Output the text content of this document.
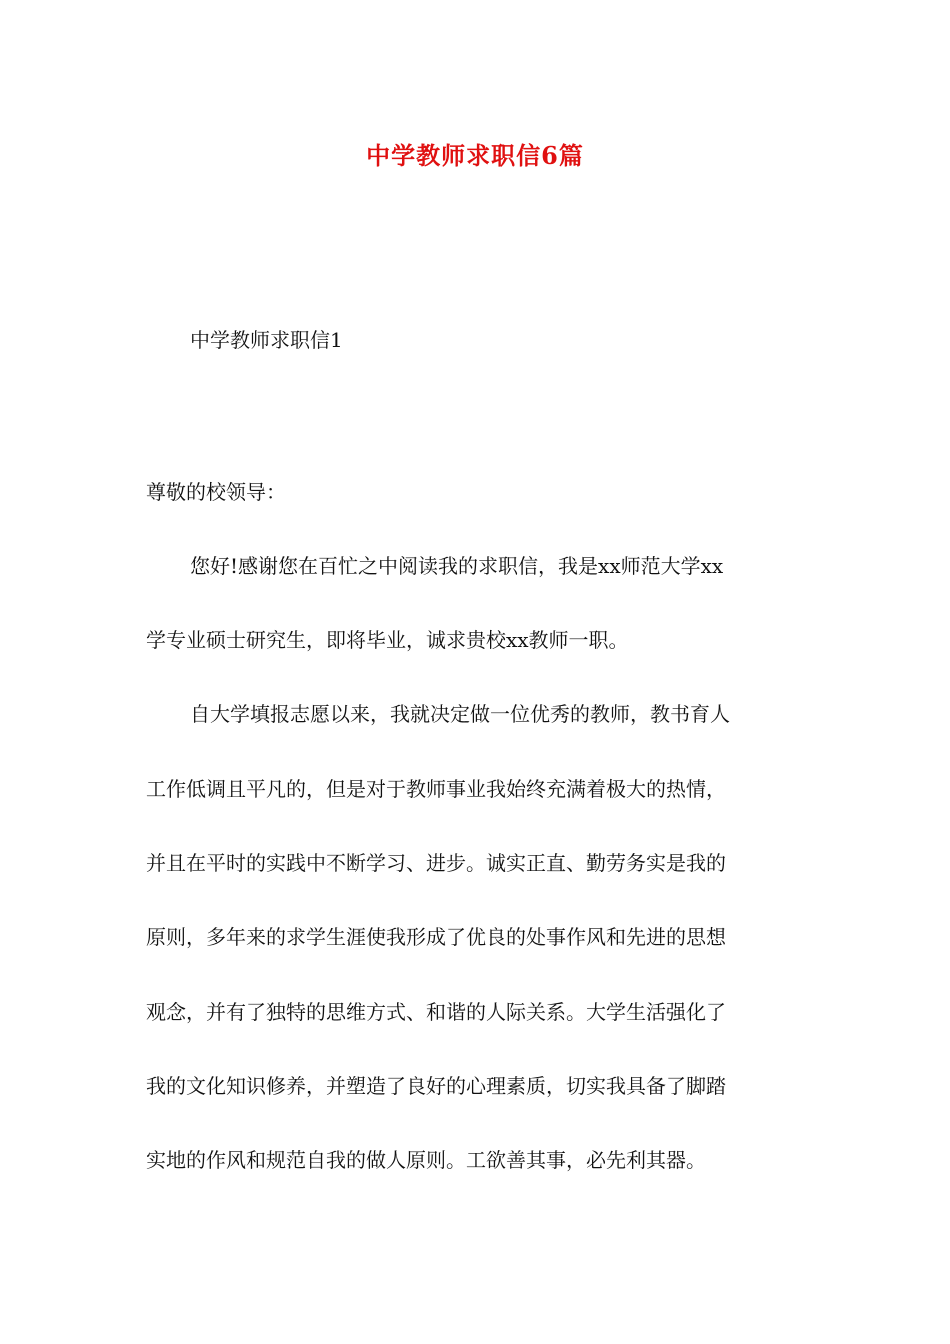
中学教师求职信6篇

中学教师求职信1

尊敬的校领导：

您好!感谢您在百忙之中阅读我的求职信，我是xx师范大学xx

学专业硕士研究生，即将毕业，诚求贵校xx教师一职。

自大学填报志愿以来，我就决定做一位优秀的教师，教书育人

工作低调且平凡的，但是对于教师事业我始终充满着极大的热情，

并且在平时的实践中不断学习、进步。诚实正直、勤劳务实是我的

原则，多年来的求学生涯使我形成了优良的处事作风和先进的思想

观念，并有了独特的思维方式、和谐的人际关系。大学生活强化了

我的文化知识修养，并塑造了良好的心理素质，切实我具备了脚踏

实地的作风和规范自我的做人原则。工欲善其事，必先利其器。
